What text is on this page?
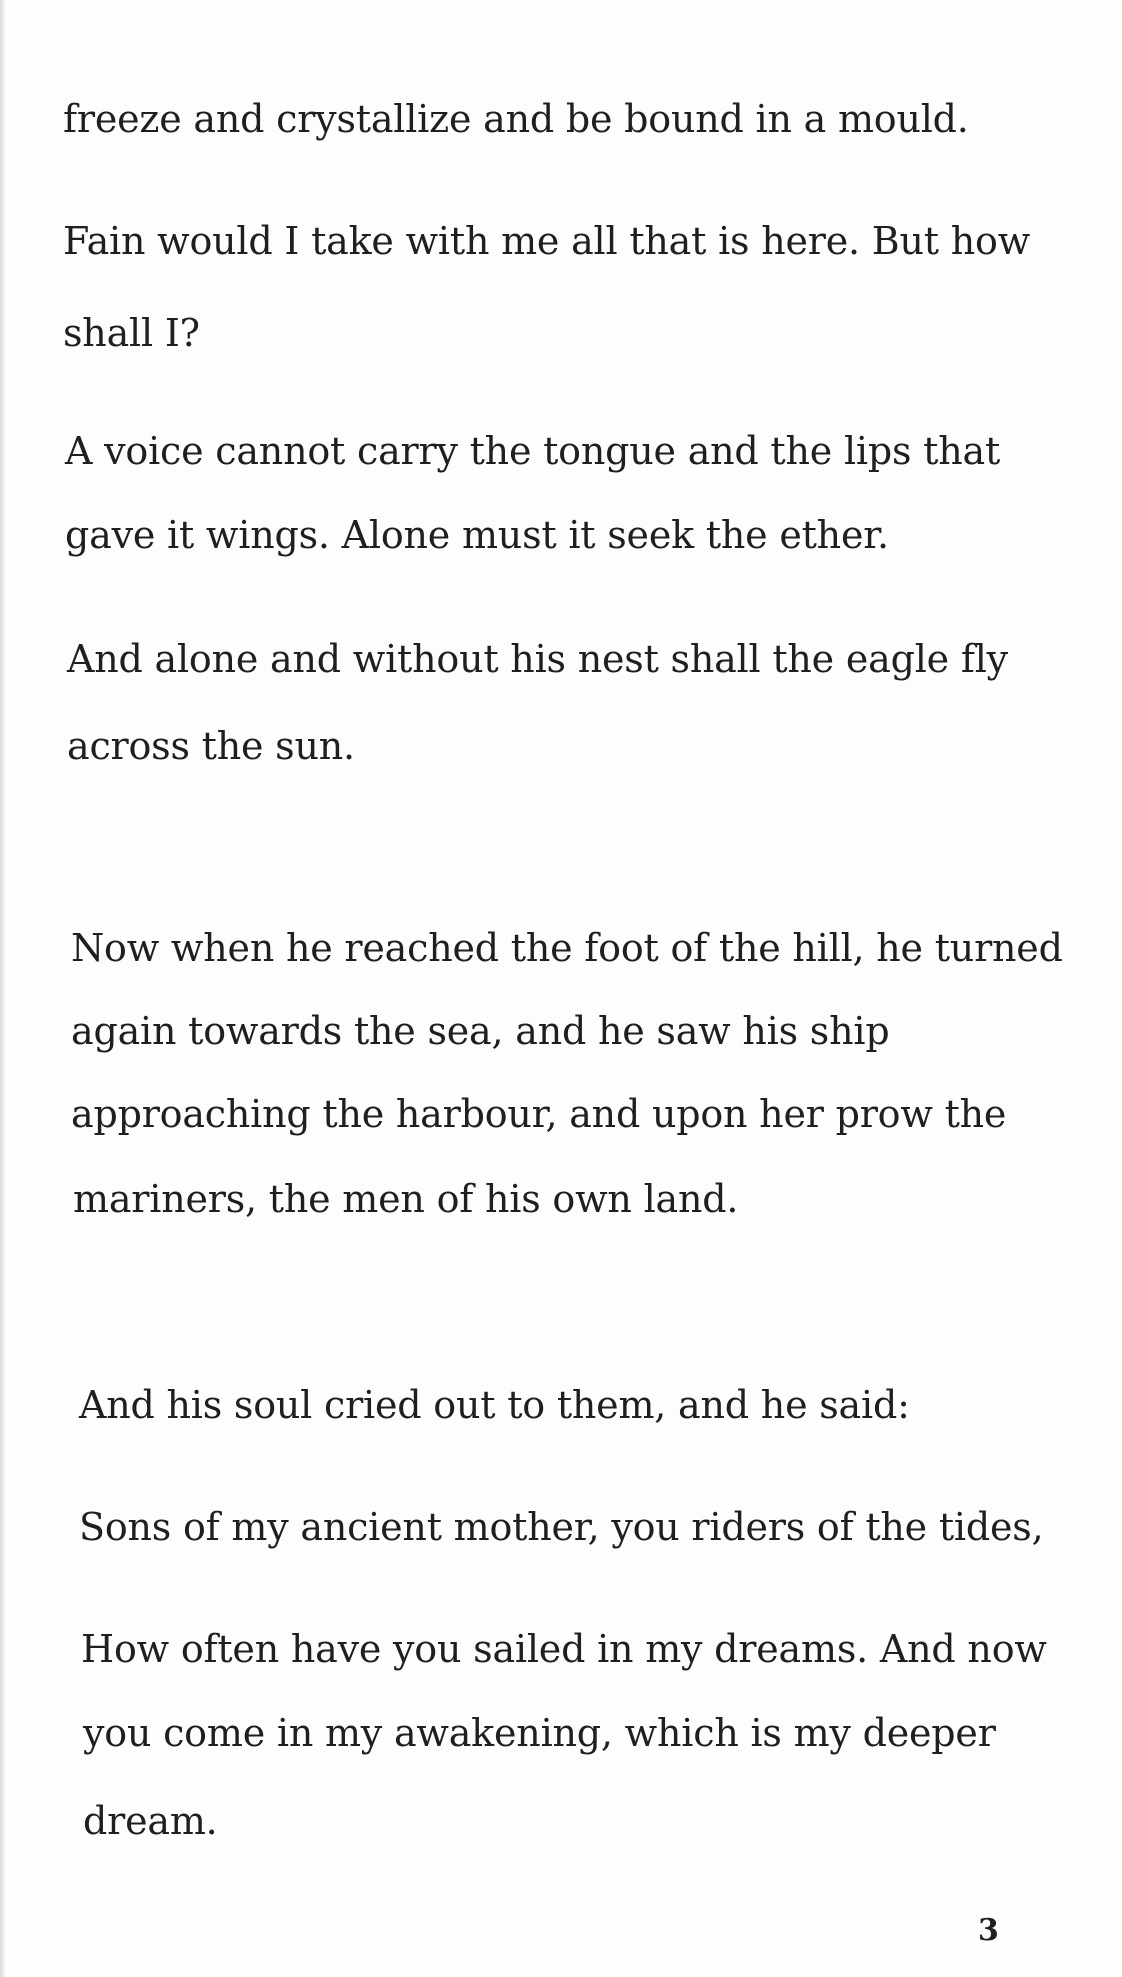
freeze and crystallize and be bound in a mould.
Fain would I take with me all that is here. But how
shall I?
A voice cannot carry the tongue and the lips that
gave it wings. Alone must it seek the ether.
And alone and without his nest shall the eagle fly
across the sun.
Now when he reached the foot of the hill, he turned
again towards the sea, and he saw his ship
approaching the harbour, and upon her prow the
mariners, the men of his own land.
And his soul cried out to them, and he said:
Sons of my ancient mother, you riders of the tides,
How often have you sailed in my dreams. And now
you come in my awakening, which is my deeper
dream.
3
